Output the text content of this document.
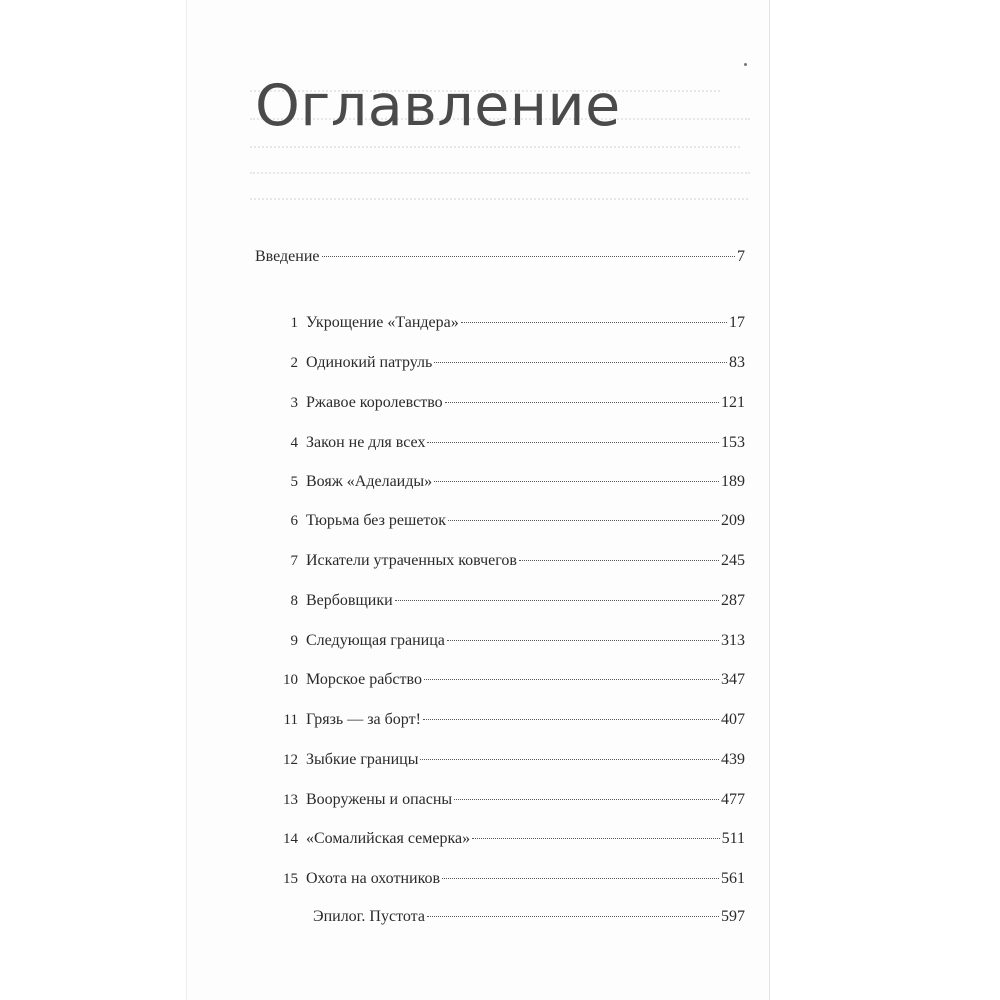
Оглавление
Введение	7
1 Укрощение «Тандера»	17
2 Одинокий патруль	83
3 Ржавое королевство	121
4 Закон не для всех	153
5 Вояж «Аделаиды»	189
6 Тюрьма без решеток	209
7 Искатели утраченных ковчегов	245
8 Вербовщики	287
9 Следующая граница	313
10 Морское рабство	347
11 Грязь — за борт!	407
12 Зыбкие границы	439
13 Вооружены и опасны	477
14 «Сомалийская семерка»	511
15 Охота на охотников	561
Эпилог. Пустота	597
